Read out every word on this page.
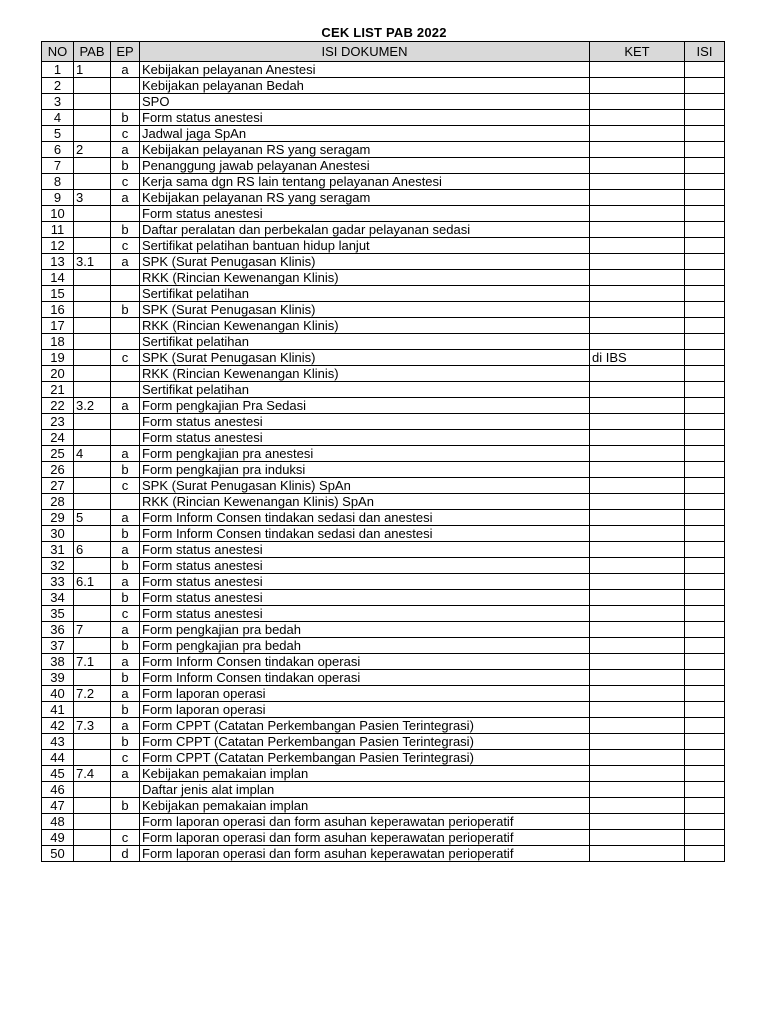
CEK LIST PAB 2022
NO	PAB	EP	ISI DOKUMEN	KET	ISI
1	1	a	Kebijakan pelayanan Anestesi		
2			Kebijakan pelayanan Bedah		
3			SPO		
4		b	Form status anestesi		
5		c	Jadwal jaga SpAn		
6	2	a	Kebijakan pelayanan RS yang seragam		
7		b	Penanggung jawab pelayanan Anestesi		
8		c	Kerja sama dgn RS lain tentang pelayanan Anestesi		
9	3	a	Kebijakan pelayanan RS yang seragam		
10			Form status anestesi		
11		b	Daftar peralatan dan perbekalan gadar pelayanan sedasi		
12		c	Sertifikat pelatihan bantuan hidup lanjut		
13	3.1	a	SPK (Surat Penugasan Klinis)		
14			RKK (Rincian Kewenangan Klinis)		
15			Sertifikat pelatihan		
16		b	SPK (Surat Penugasan Klinis)		
17			RKK (Rincian Kewenangan Klinis)		
18			Sertifikat pelatihan		
19		c	SPK (Surat Penugasan Klinis)	di IBS	
20			RKK (Rincian Kewenangan Klinis)		
21			Sertifikat pelatihan		
22	3.2	a	Form pengkajian Pra Sedasi		
23			Form status anestesi		
24			Form status anestesi		
25	4	a	Form pengkajian pra anestesi		
26		b	Form pengkajian pra induksi		
27		c	SPK (Surat Penugasan Klinis) SpAn		
28			RKK (Rincian Kewenangan Klinis) SpAn		
29	5	a	Form Inform Consen tindakan sedasi dan anestesi		
30		b	Form Inform Consen tindakan sedasi dan anestesi		
31	6	a	Form status anestesi		
32		b	Form status anestesi		
33	6.1	a	Form status anestesi		
34		b	Form status anestesi		
35		c	Form status anestesi		
36	7	a	Form pengkajian pra bedah		
37		b	Form pengkajian pra bedah		
38	7.1	a	Form Inform Consen tindakan operasi		
39		b	Form Inform Consen tindakan operasi		
40	7.2	a	Form laporan operasi		
41		b	Form laporan operasi		
42	7.3	a	Form CPPT (Catatan Perkembangan Pasien Terintegrasi)		
43		b	Form CPPT (Catatan Perkembangan Pasien Terintegrasi)		
44		c	Form CPPT (Catatan Perkembangan Pasien Terintegrasi)		
45	7.4	a	Kebijakan pemakaian implan		
46			Daftar jenis alat implan		
47		b	Kebijakan pemakaian implan		
48			Form laporan operasi dan form asuhan keperawatan perioperatif		
49		c	Form laporan operasi dan form asuhan keperawatan perioperatif		
50		d	Form laporan operasi dan form asuhan keperawatan perioperatif		
